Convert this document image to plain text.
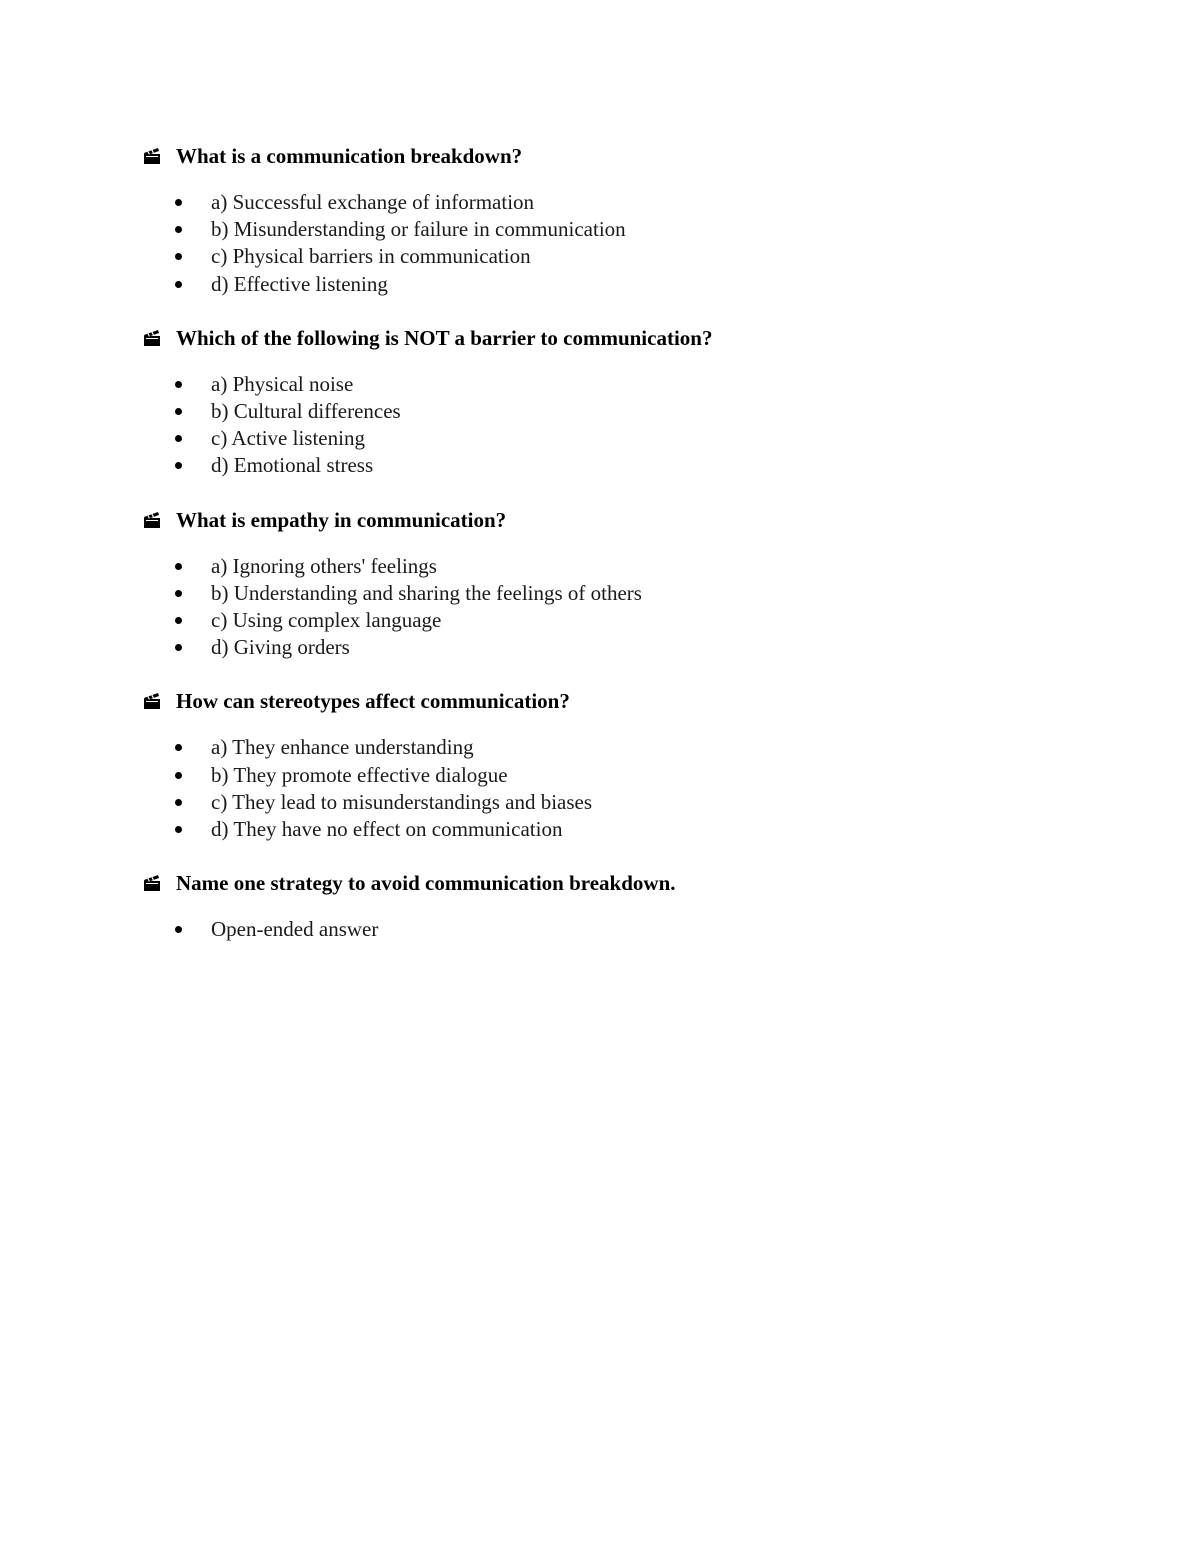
What is a communication breakdown?
a) Successful exchange of information
b) Misunderstanding or failure in communication
c) Physical barriers in communication
d) Effective listening
Which of the following is NOT a barrier to communication?
a) Physical noise
b) Cultural differences
c) Active listening
d) Emotional stress
What is empathy in communication?
a) Ignoring others' feelings
b) Understanding and sharing the feelings of others
c) Using complex language
d) Giving orders
How can stereotypes affect communication?
a) They enhance understanding
b) They promote effective dialogue
c) They lead to misunderstandings and biases
d) They have no effect on communication
Name one strategy to avoid communication breakdown.
Open-ended answer
